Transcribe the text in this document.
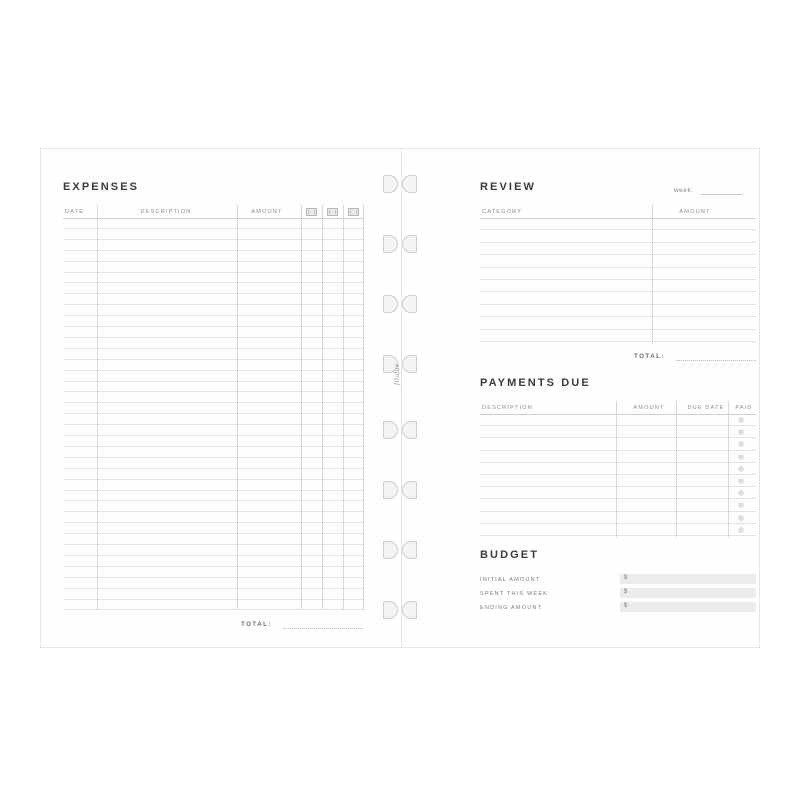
EXPENSES
DATE	DESCRIPTION	AMOUNT
TOTAL:
filofax
REVIEW	week:
CATEGORY	AMOUNT
TOTAL:
PAYMENTS DUE
DESCRIPTION	AMOUNT	DUE DATE	PAID
BUDGET
INITIAL AMOUNT	$
SPENT THIS WEEK	$
ENDING AMOUNT	$
